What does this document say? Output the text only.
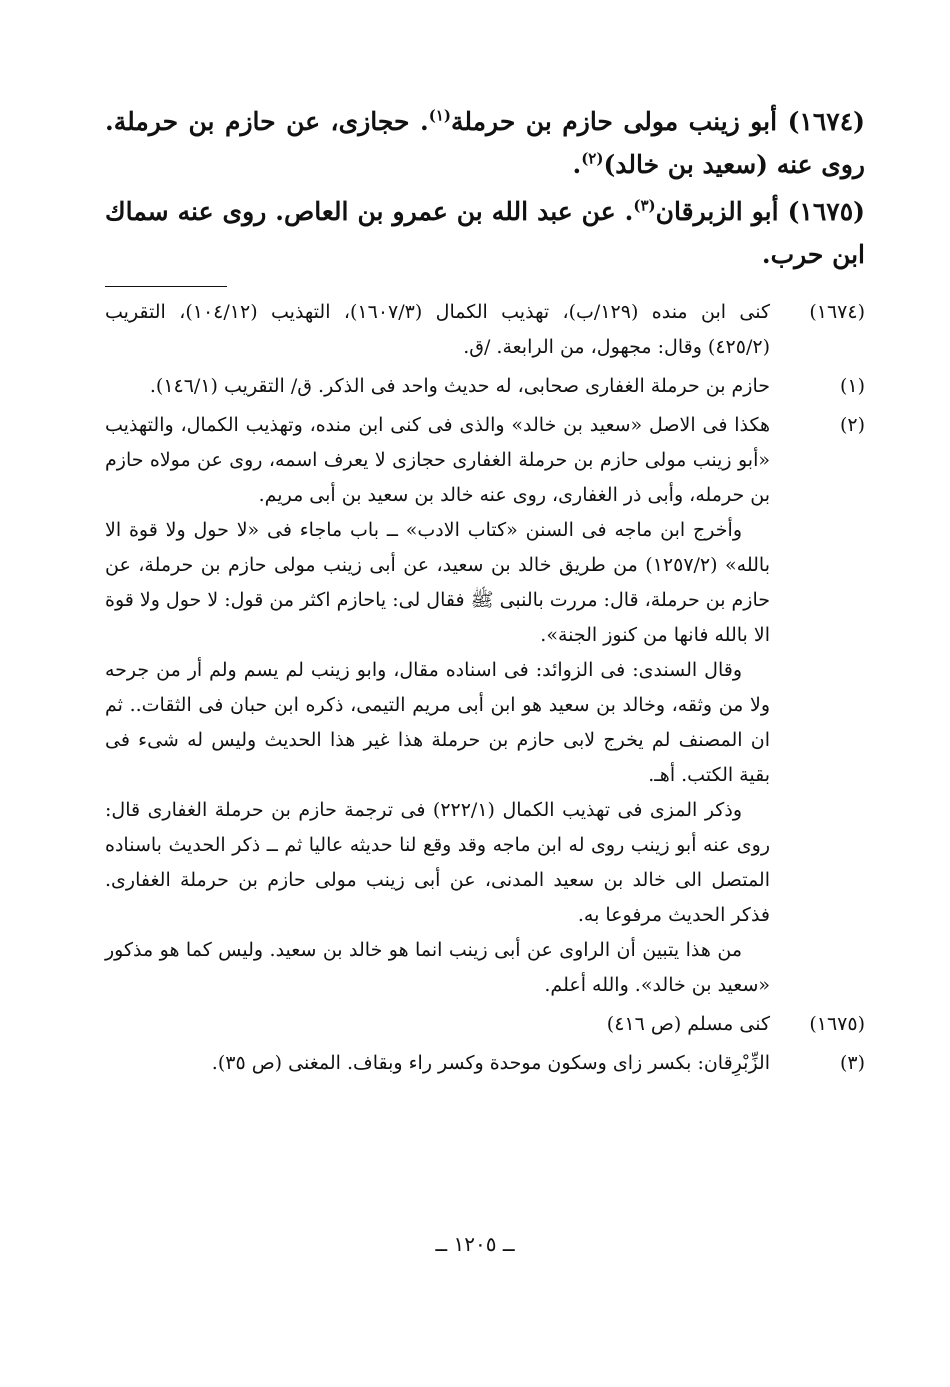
(١٦٧٤) أبو زينب مولى حازم بن حرملة$^{(١)}$. حجازى، عن حازم بن حرملة. روى عنه (سعيد بن خالد)$^{(٢)}$.

(١٦٧٥) أبو الزبرقان$^{(٣)}$. عن عبد الله بن عمرو بن العاص. روى عنه سماك ابن حرب.

(١٦٧٤)

كنى ابن منده (١٢٩/ب)، تهذيب الكمال (١٦٠٧/٣)، التهذيب (١٠٤/١٢)، التقريب (٤٢٥/٢) وقال: مجهول، من الرابعة. /ق.

(١)

حازم بن حرملة الغفارى صحابى، له حديث واحد فى الذكر. ق/ التقريب (١٤٦/١).

(٢)

هكذا فى الاصل «سعيد بن خالد» والذى فى كنى ابن منده، وتهذيب الكمال، والتهذيب «أبو زينب مولى حازم بن حرملة الغفارى حجازى لا يعرف اسمه، روى عن مولاه حازم بن حرمله، وأبى ذر الغفارى، روى عنه خالد بن سعيد بن أبى مريم.

وأخرج ابن ماجه فى السنن «كتاب الادب» ــ باب ماجاء فى «لا حول ولا قوة الا بالله» (١٢٥٧/٢) من طريق خالد بن سعيد، عن أبى زينب مولى حازم بن حرملة، عن حازم بن حرملة، قال: مررت بالنبى ﷺ فقال لى: ياحازم اكثر من قول: لا حول ولا قوة الا بالله فانها من كنوز الجنة».

وقال السندى: فى الزوائد: فى اسناده مقال، وابو زينب لم يسم ولم أر من جرحه ولا من وثقه، وخالد بن سعيد هو ابن أبى مريم التيمى، ذكره ابن حبان فى الثقات.. ثم ان المصنف لم يخرج لابى حازم بن حرملة هذا غير هذا الحديث وليس له شىء فى بقية الكتب. أهـ.

وذكر المزى فى تهذيب الكمال (٢٢٢/١) فى ترجمة حازم بن حرملة الغفارى قال: روى عنه أبو زينب روى له ابن ماجه وقد وقع لنا حديثه عاليا ثم ــ ذكر الحديث باسناده المتصل الى خالد بن سعيد المدنى، عن أبى زينب مولى حازم بن حرملة الغفارى. فذكر الحديث مرفوعا به.

من هذا يتبين أن الراوى عن أبى زينب انما هو خالد بن سعيد. وليس كما هو مذكور «سعيد بن خالد». والله أعلم.

(١٦٧٥)

كنى مسلم (ص ٤١٦)

(٣)

الزِّبْرِقان: بكسر زاى وسكون موحدة وكسر راء وبقاف. المغنى (ص ٣٥).

ــ ١٢٠٥ ــ
